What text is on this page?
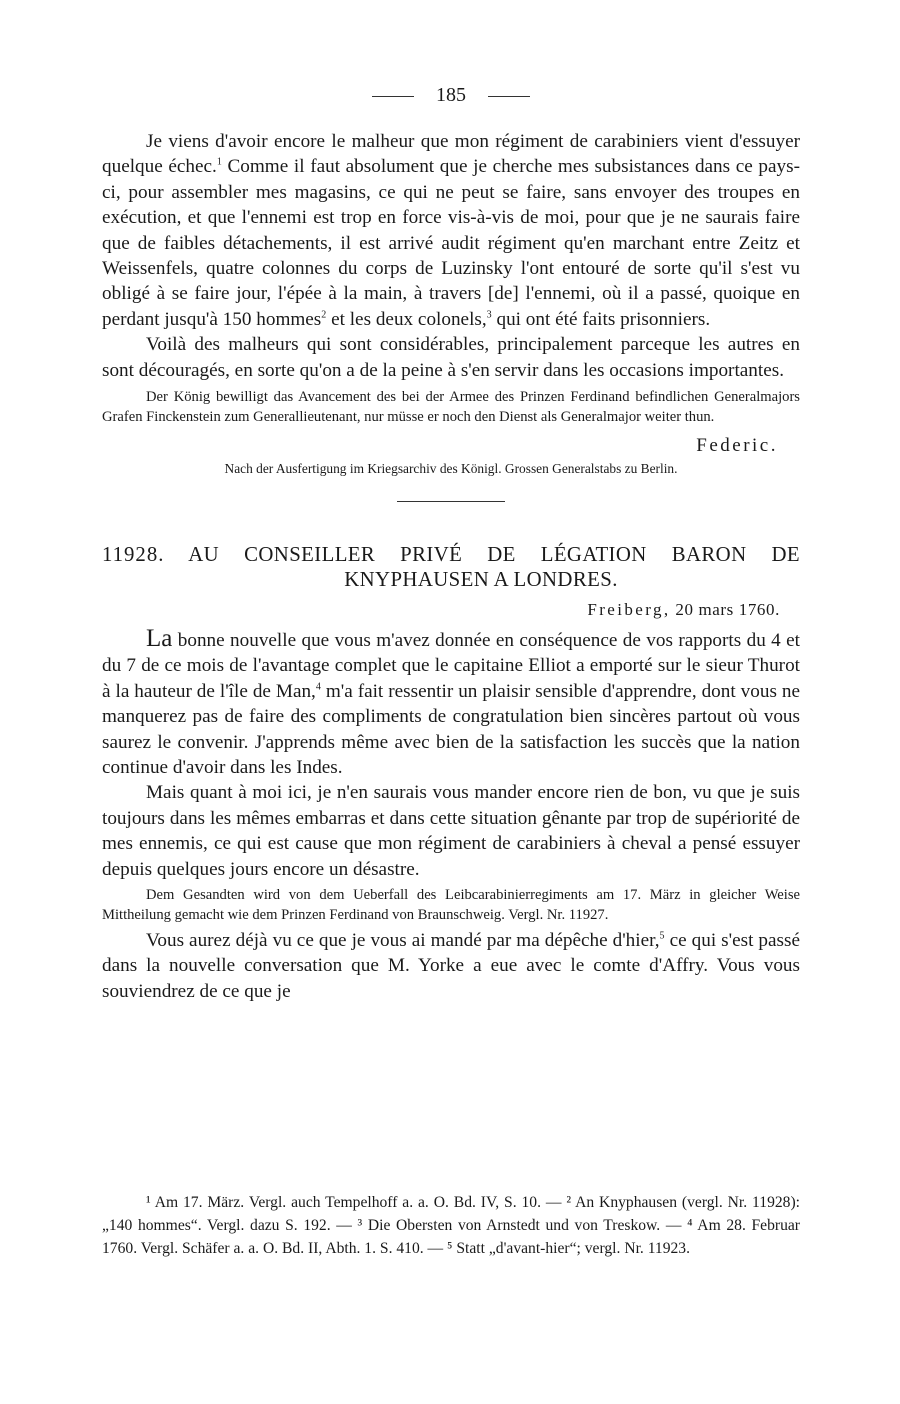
185

Je viens d'avoir encore le malheur que mon régiment de carabiniers vient d'essuyer quelque échec.$^1$ Comme il faut absolument que je cherche mes subsistances dans ce pays-ci, pour assembler mes magasins, ce qui ne peut se faire, sans envoyer des troupes en exécution, et que l'ennemi est trop en force vis-à-vis de moi, pour que je ne saurais faire que de faibles détachements, il est arrivé audit régiment qu'en marchant entre Zeitz et Weissenfels, quatre colonnes du corps de Luzinsky l'ont entouré de sorte qu'il s'est vu obligé à se faire jour, l'épée à la main, à travers [de] l'ennemi, où il a passé, quoique en perdant jusqu'à 150 hommes$^2$ et les deux colonels,$^3$ qui ont été faits prisonniers.

Voilà des malheurs qui sont considérables, principalement parceque les autres en sont découragés, en sorte qu'on a de la peine à s'en servir dans les occasions importantes.

Der König bewilligt das Avancement des bei der Armee des Prinzen Ferdinand befindlichen Generalmajors Grafen Finckenstein zum Generallieutenant, nur müsse er noch den Dienst als Generalmajor weiter thun.

Federic.
Nach der Ausfertigung im Kriegsarchiv des Königl. Grossen Generalstabs zu Berlin.
11928. AU CONSEILLER PRIVÉ DE LÉGATION BARON DE
KNYPHAUSEN A LONDRES.
Freiberg, 20 mars 1760.

La bonne nouvelle que vous m'avez donnée en conséquence de vos rapports du 4 et du 7 de ce mois de l'avantage complet que le capitaine Elliot a emporté sur le sieur Thurot à la hauteur de l'île de Man,$^4$ m'a fait ressentir un plaisir sensible d'apprendre, dont vous ne manquerez pas de faire des compliments de congratulation bien sincères partout où vous saurez le convenir. J'apprends même avec bien de la satisfaction les succès que la nation continue d'avoir dans les Indes.

Mais quant à moi ici, je n'en saurais vous mander encore rien de bon, vu que je suis toujours dans les mêmes embarras et dans cette situation gênante par trop de supériorité de mes ennemis, ce qui est cause que mon régiment de carabiniers à cheval a pensé essuyer depuis quelques jours encore un désastre.

Dem Gesandten wird von dem Ueberfall des Leibcarabinierregiments am 17. März in gleicher Weise Mittheilung gemacht wie dem Prinzen Ferdinand von Braunschweig. Vergl. Nr. 11927.

Vous aurez déjà vu ce que je vous ai mandé par ma dépêche d'hier,$^5$ ce qui s'est passé dans la nouvelle conversation que M. Yorke a eue avec le comte d'Affry. Vous vous souviendrez de ce que je

¹ Am 17. März. Vergl. auch Tempelhoff a. a. O. Bd. IV, S. 10. — ² An Knyphausen (vergl. Nr. 11928): „140 hommes“. Vergl. dazu S. 192. — ³ Die Obersten von Arnstedt und von Treskow. — ⁴ Am 28. Februar 1760. Vergl. Schäfer a. a. O. Bd. II, Abth. 1. S. 410. — ⁵ Statt „d'avant-hier“; vergl. Nr. 11923.
